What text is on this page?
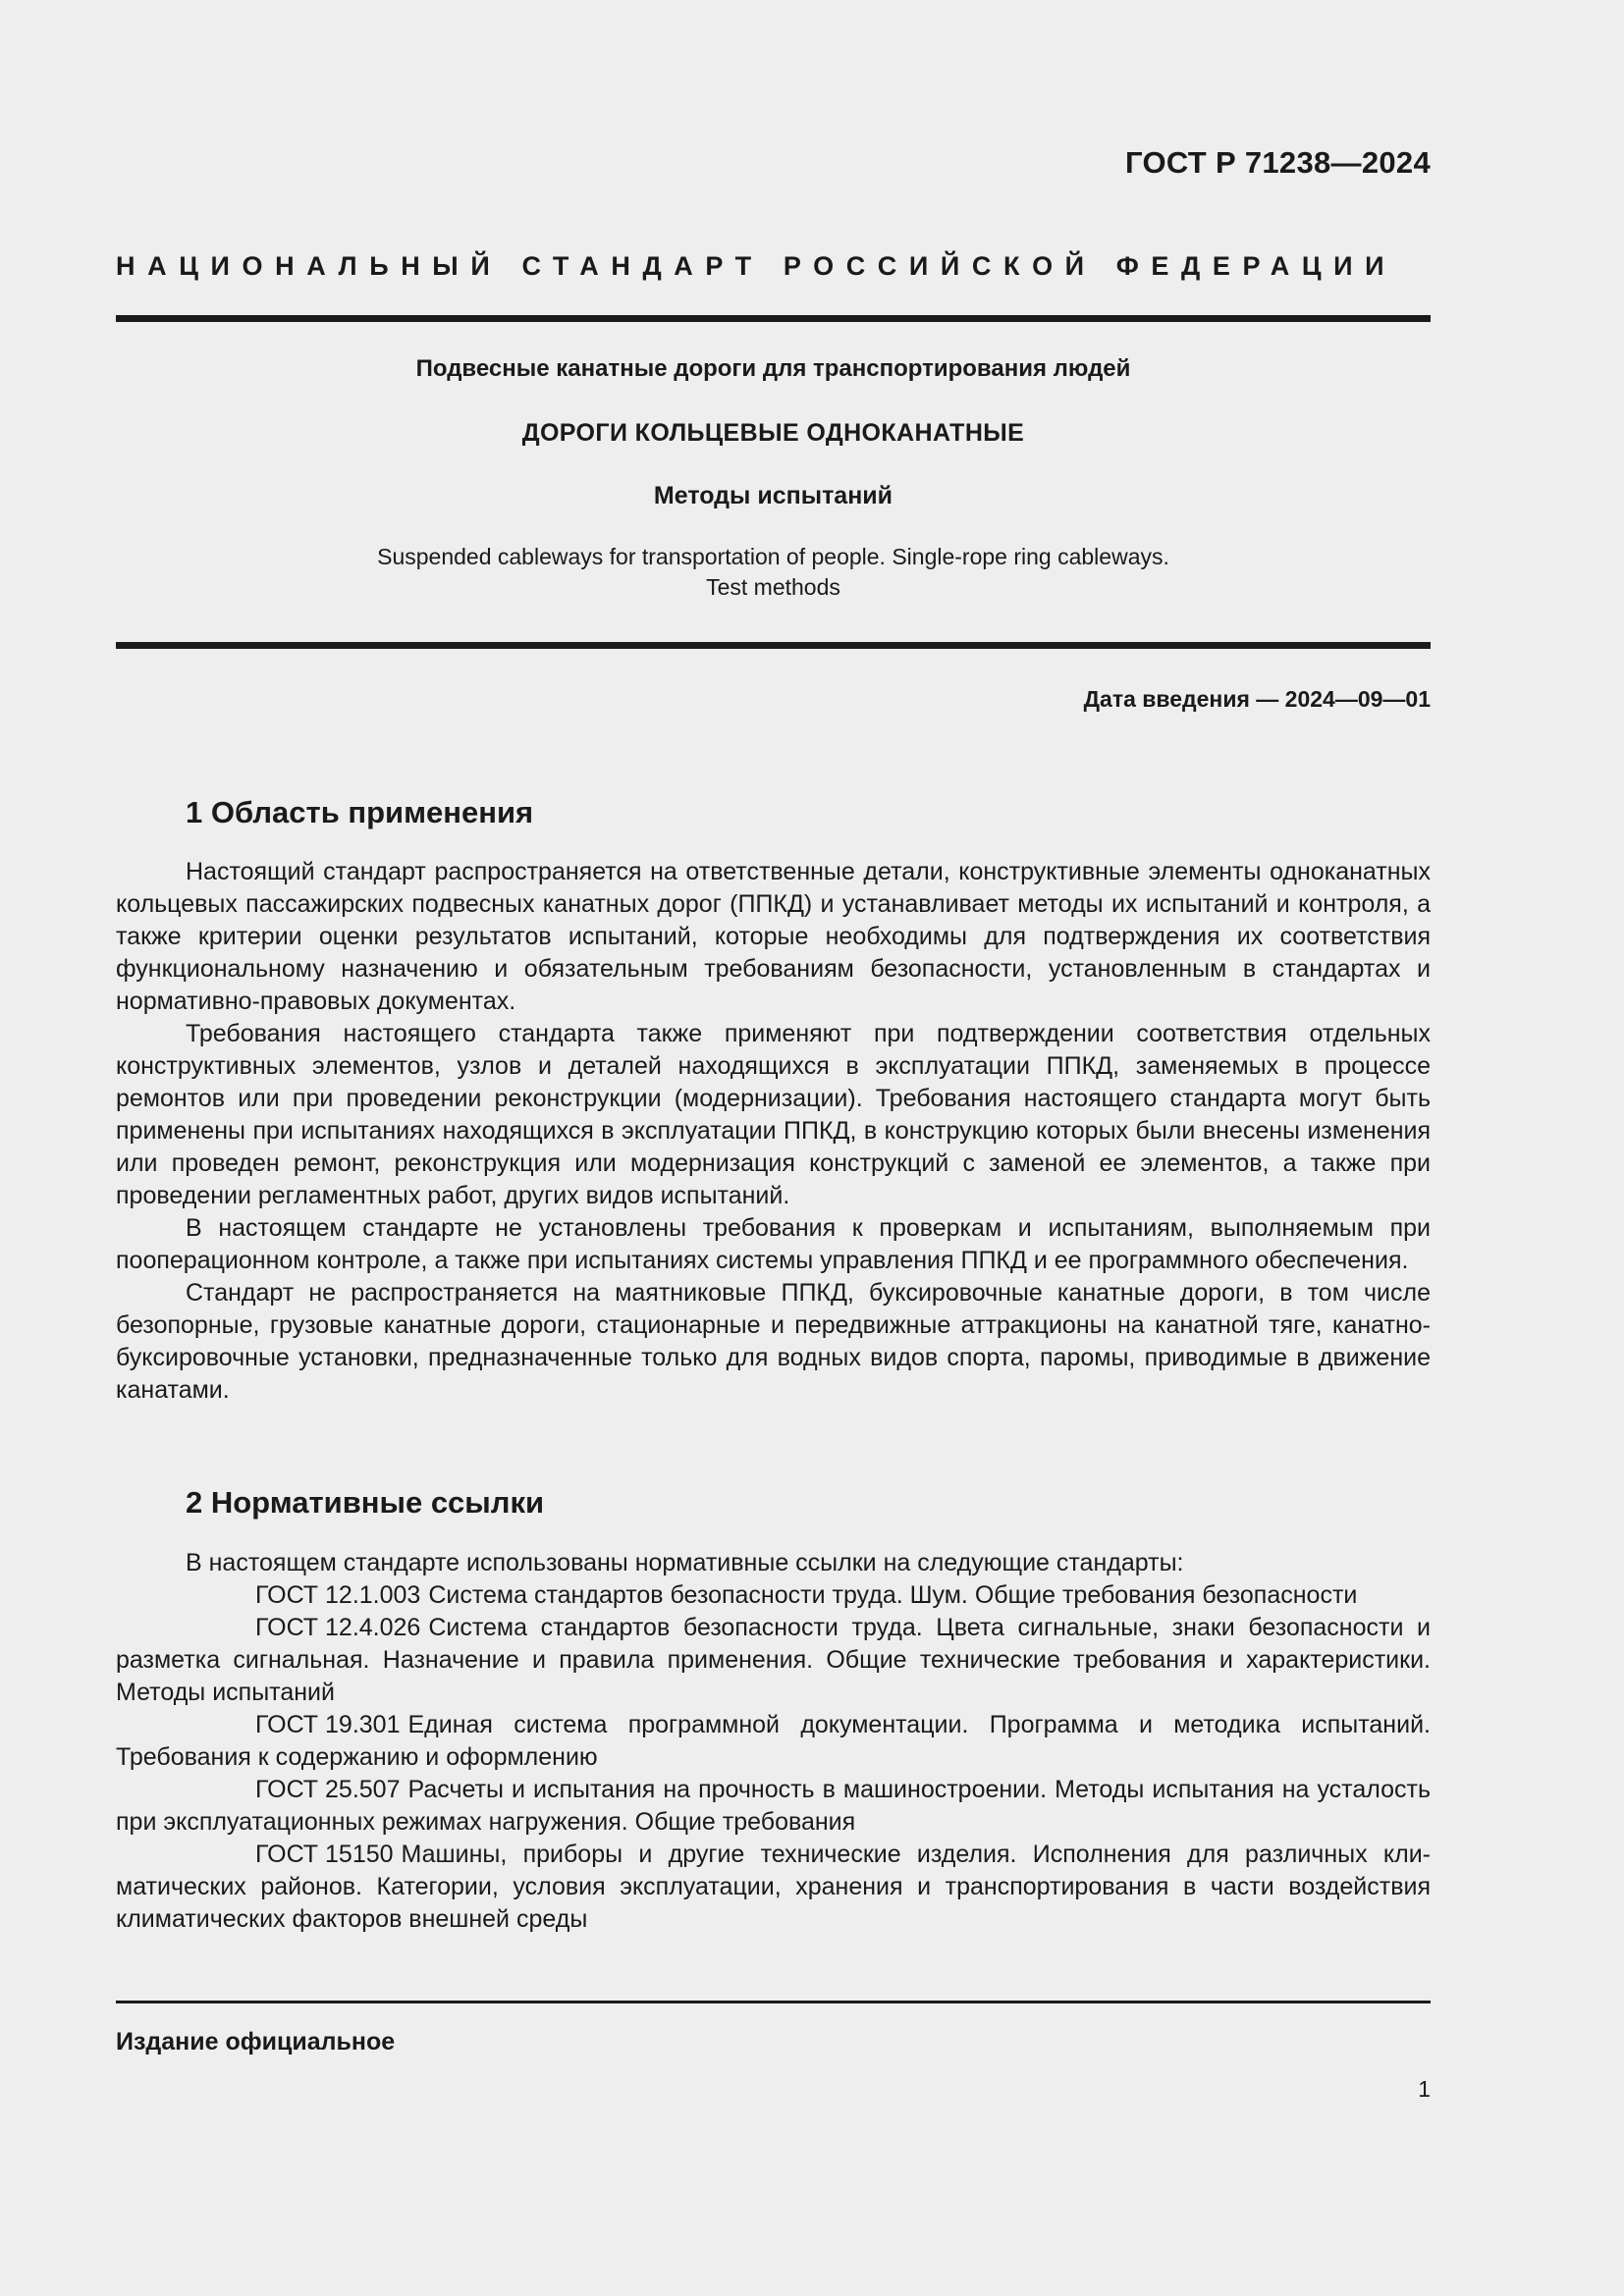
ГОСТ Р 71238—2024
НАЦИОНАЛЬНЫЙ СТАНДАРТ РОССИЙСКОЙ ФЕДЕРАЦИИ
Подвесные канатные дороги для транспортирования людей
ДОРОГИ КОЛЬЦЕВЫЕ ОДНОКАНАТНЫЕ
Методы испытаний
Suspended cableways for transportation of people. Single-rope ring cableways.
Test methods
Дата введения — 2024—09—01
1 Область применения

Настоящий стандарт распространяется на ответственные детали, конструктивные элементы одноканатных кольцевых пассажирских подвесных канатных дорог (ППКД) и устанавливает методы их испытаний и контроля, а также критерии оценки результатов испытаний, которые необходимы для подтверждения их соответствия функциональному назначению и обязательным требованиям безопасности, установленным в стандартах и нормативно-правовых документах.

Требования настоящего стандарта также применяют при подтверждении соответствия отдельных конструктивных элементов, узлов и деталей находящихся в эксплуатации ППКД, заменяемых в процессе ремонтов или при проведении реконструкции (модернизации). Требования настоящего стандарта могут быть применены при испытаниях находящихся в эксплуатации ППКД, в конструкцию которых были внесены изменения или проведен ремонт, реконструкция или модернизация конструкций с заменой ее элементов, а также при проведении регламентных работ, других видов испытаний.

В настоящем стандарте не установлены требования к проверкам и испытаниям, выполняемым при пооперационном контроле, а также при испытаниях системы управления ППКД и ее программного обеспечения.

Стандарт не распространяется на маятниковые ППКД, буксировочные канатные дороги, в том числе безопорные, грузовые канатные дороги, стационарные и передвижные аттракционы на канатной тяге, канатно-буксировочные установки, предназначенные только для водных видов спорта, паромы, приводимые в движение канатами.

2 Нормативные ссылки

В настоящем стандарте использованы нормативные ссылки на следующие стандарты:

ГОСТ 12.1.003 Система стандартов безопасности труда. Шум. Общие требования безопасности

ГОСТ 12.4.026 Система стандартов безопасности труда. Цвета сигнальные, знаки безопасности и разметка сигнальная. Назначение и правила применения. Общие технические требования и характеристики. Методы испытаний

ГОСТ 19.301 Единая система программной документации. Программа и методика испытаний. Требования к содержанию и оформлению

ГОСТ 25.507 Расчеты и испытания на прочность в машиностроении. Методы испытания на усталость при эксплуатационных режимах нагружения. Общие требования

ГОСТ 15150 Машины, приборы и другие технические изделия. Исполнения для различных климатических районов. Категории, условия эксплуатации, хранения и транспортирования в части воздействия климатических факторов внешней среды

Издание официальное
1
